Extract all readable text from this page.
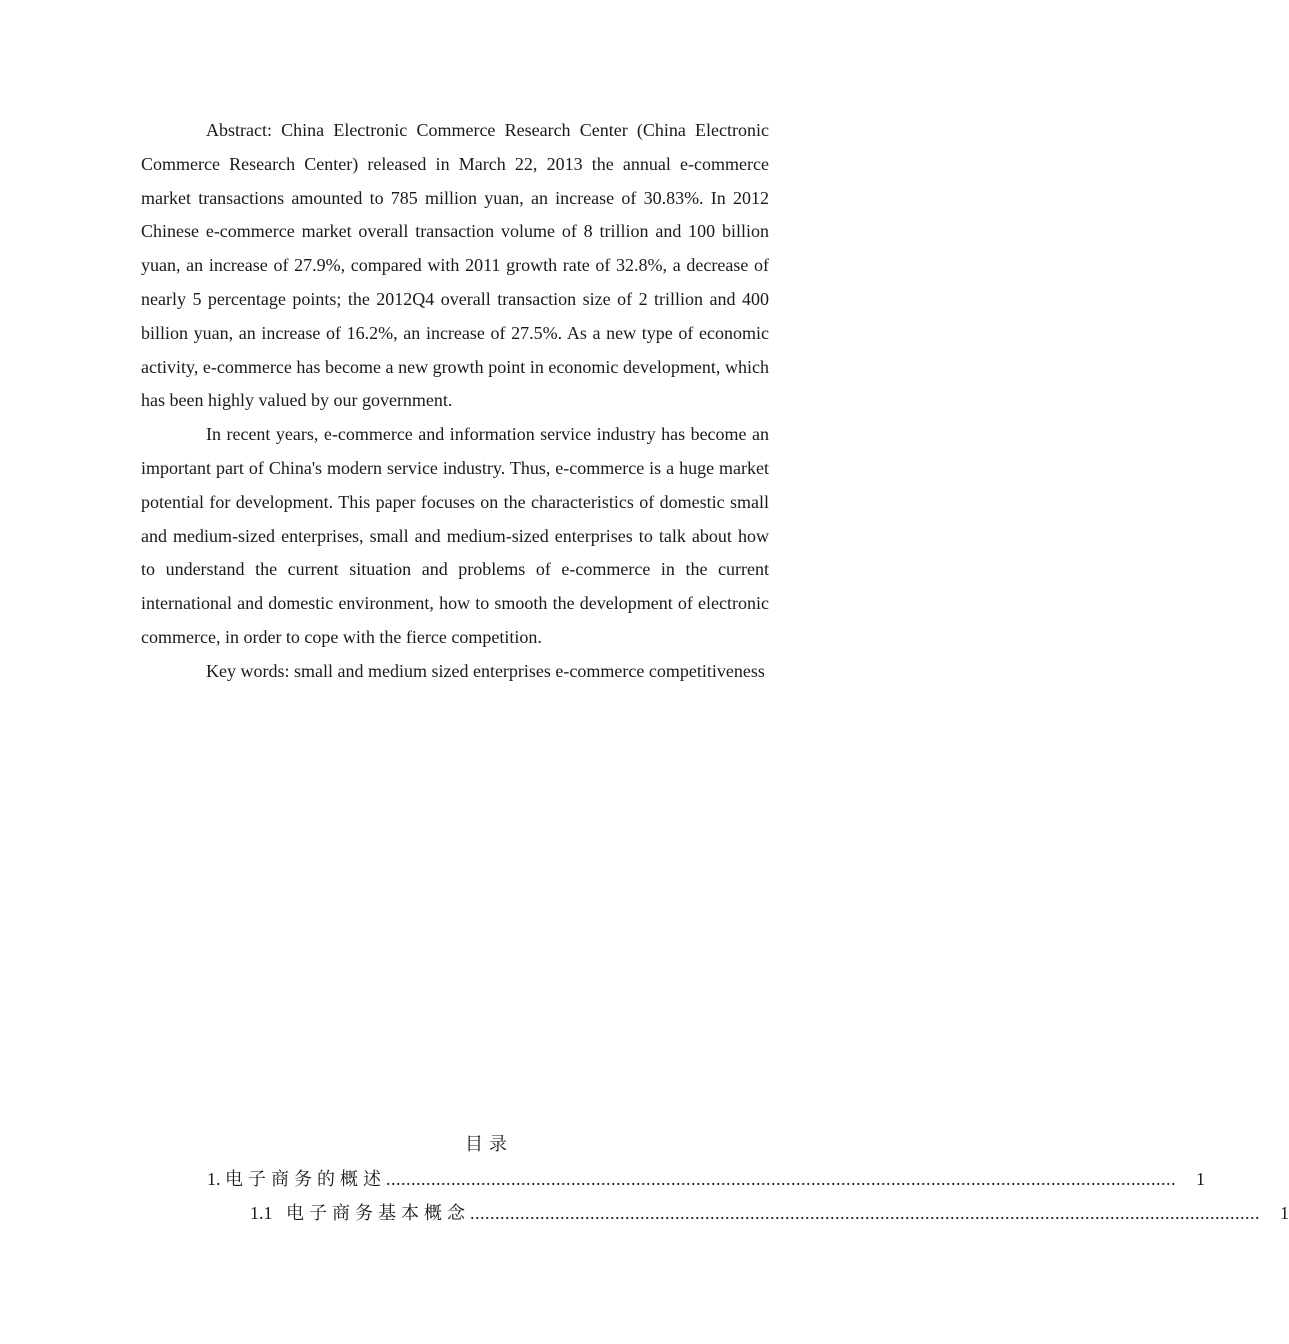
Abstract: China Electronic Commerce Research Center (China Electronic Commerce Research Center) released in March 22, 2013 the annual e-commerce market transactions amounted to 785 million yuan, an increase of 30.83%. In 2012 Chinese e-commerce market overall transaction volume of 8 trillion and 100 billion yuan, an increase of 27.9%, compared with 2011 growth rate of 32.8%, a decrease of nearly 5 percentage points; the 2012Q4 overall transaction size of 2 trillion and 400 billion yuan, an increase of 16.2%, an increase of 27.5%. As a new type of economic activity, e-commerce has become a new growth point in economic development, which has been highly valued by our government.

In recent years, e-commerce and information service industry has become an important part of China's modern service industry. Thus, e-commerce is a huge market potential for development. This paper focuses on the characteristics of domestic small and medium-sized enterprises, small and medium-sized enterprises to talk about how to understand the current situation and problems of e-commerce in the current international and domestic environment, how to smooth the development of electronic commerce, in order to cope with the fierce competition.

Key words: small and medium sized enterprises e-commerce competitiveness

目录
1. 电子商务的概述 .............................................................................................................................................................. 1
1.1 电子商务基本概念 .............................................................................................................................................................. 1
